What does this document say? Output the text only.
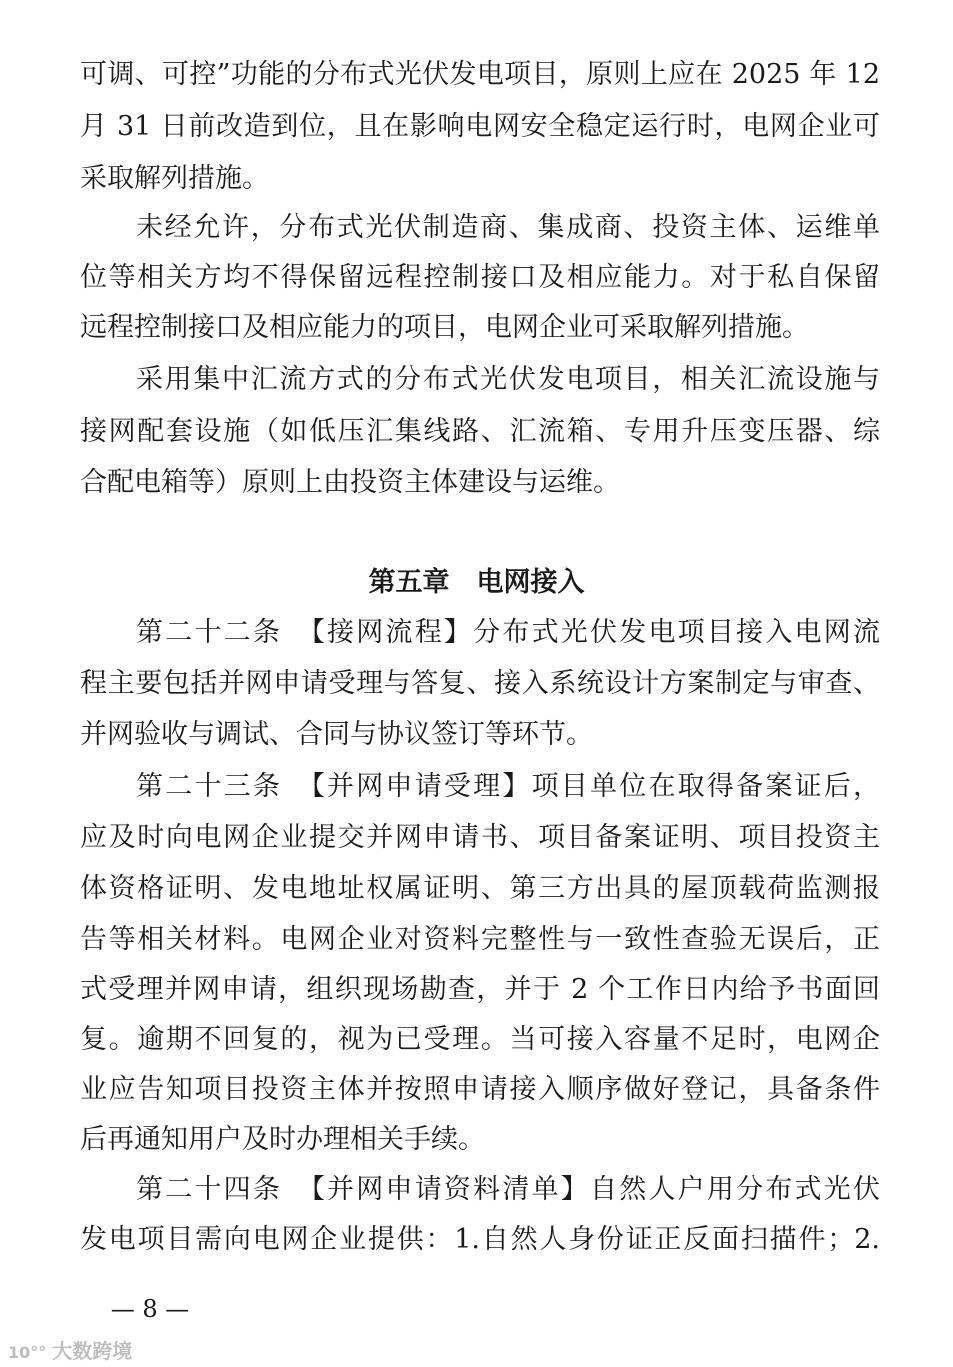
可调、可控”功能的分布式光伏发电项目，原则上应在 2025 年 12
月 31 日前改造到位，且在影响电网安全稳定运行时，电网企业可
采取解列措施。
未经允许，分布式光伏制造商、集成商、投资主体、运维单
位等相关方均不得保留远程控制接口及相应能力。对于私自保留
远程控制接口及相应能力的项目，电网企业可采取解列措施。
采用集中汇流方式的分布式光伏发电项目，相关汇流设施与
接网配套设施（如低压汇集线路、汇流箱、专用升压变压器、综
合配电箱等）原则上由投资主体建设与运维。
第五章　电网接入
第二十二条　【接网流程】分布式光伏发电项目接入电网流
程主要包括并网申请受理与答复、接入系统设计方案制定与审查、
并网验收与调试、合同与协议签订等环节。
第二十三条　【并网申请受理】项目单位在取得备案证后，
应及时向电网企业提交并网申请书、项目备案证明、项目投资主
体资格证明、发电地址权属证明、第三方出具的屋顶载荷监测报
告等相关材料。电网企业对资料完整性与一致性查验无误后，正
式受理并网申请，组织现场勘查，并于 2 个工作日内给予书面回
复。逾期不回复的，视为已受理。当可接入容量不足时，电网企
业应告知项目投资主体并按照申请接入顺序做好登记，具备条件
后再通知用户及时办理相关手续。
第二十四条　【并网申请资料清单】自然人户用分布式光伏
发电项目需向电网企业提供：1.自然人身份证正反面扫描件；2.
— 8 —
10°° 大数跨境
